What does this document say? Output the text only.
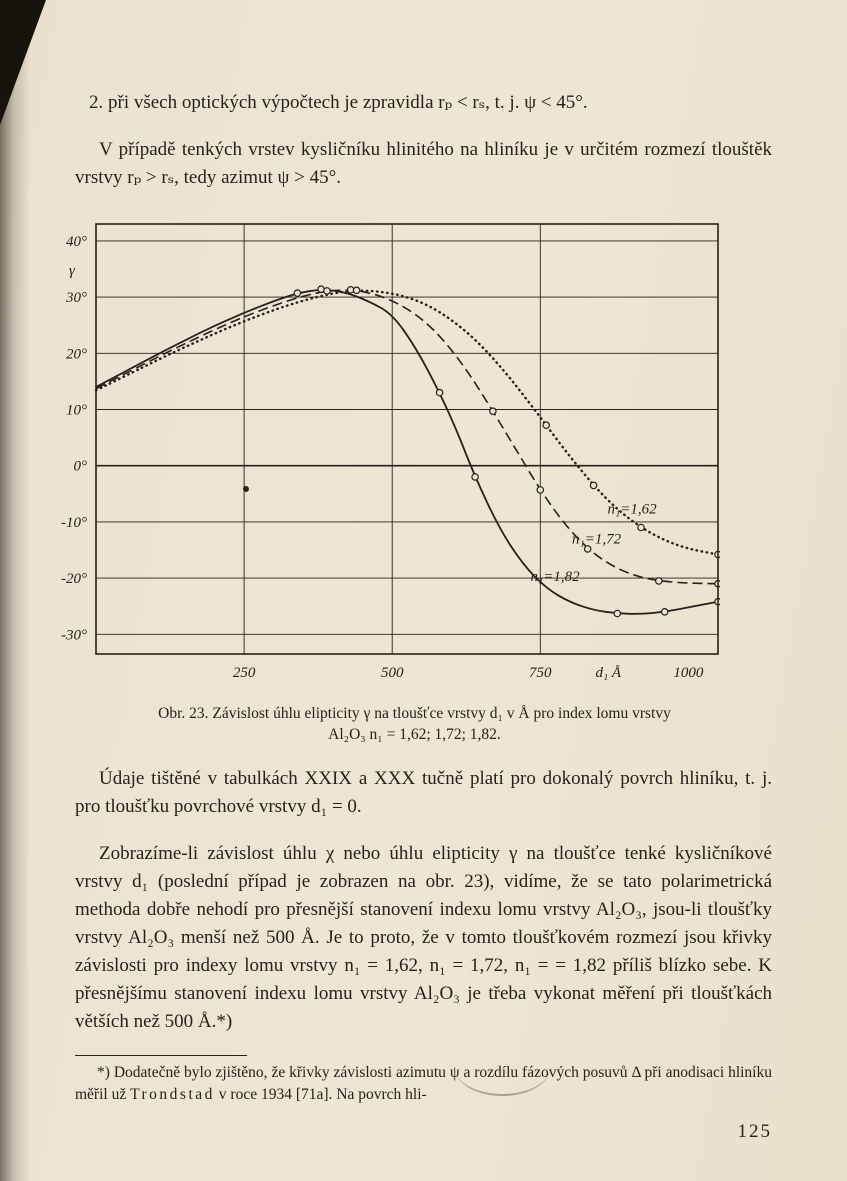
2. při všech optických výpočtech je zpravidla rₚ < rₛ, t. j. ψ < 45°.

V případě tenkých vrstev kysličníku hlinitého na hliníku je v určitém rozmezí tlouštěk vrstvy rₚ > rₛ, tedy azimut ψ > 45°.

40°
30°
20°
10°
0°
-10°
-20°
-30°
250	500	750	1000
d₁ Å
γ
n₁=1,82
n₁=1,72
n₁=1,62
Obr. 23. Závislost úhlu elipticity γ na tloušťce vrstvy d₁ v Å pro index lomu vrstvy
Al₂O₃ n₁ = 1,62; 1,72; 1,82.

Údaje tištěné v tabulkách XXIX a XXX tučně platí pro dokonalý povrch hliníku, t. j. pro tloušťku povrchové vrstvy d₁ = 0.

Zobrazíme-li závislost úhlu χ nebo úhlu elipticity γ na tloušťce tenké kysličníkové vrstvy d₁ (poslední případ je zobrazen na obr. 23), vidíme, že se tato polarimetrická methoda dobře nehodí pro přesnější stanovení indexu lomu vrstvy Al₂O₃, jsou-li tloušťky vrstvy Al₂O₃ menší než 500 Å. Je to proto, že v tomto tloušťkovém rozmezí jsou křivky závislosti pro indexy lomu vrstvy n₁ = 1,62, n₁ = 1,72, n₁ = = 1,82 příliš blízko sebe. K přesnějšímu stanovení indexu lomu vrstvy Al₂O₃ je třeba vykonat měření při tloušťkách větších než 500 Å.*)

*) Dodatečně bylo zjištěno, že křivky závislosti azimutu ψ a rozdílu fázových posuvů Δ při anodisaci hliníku měřil už Trondstad v roce 1934 [71a]. Na povrch hli-

125
